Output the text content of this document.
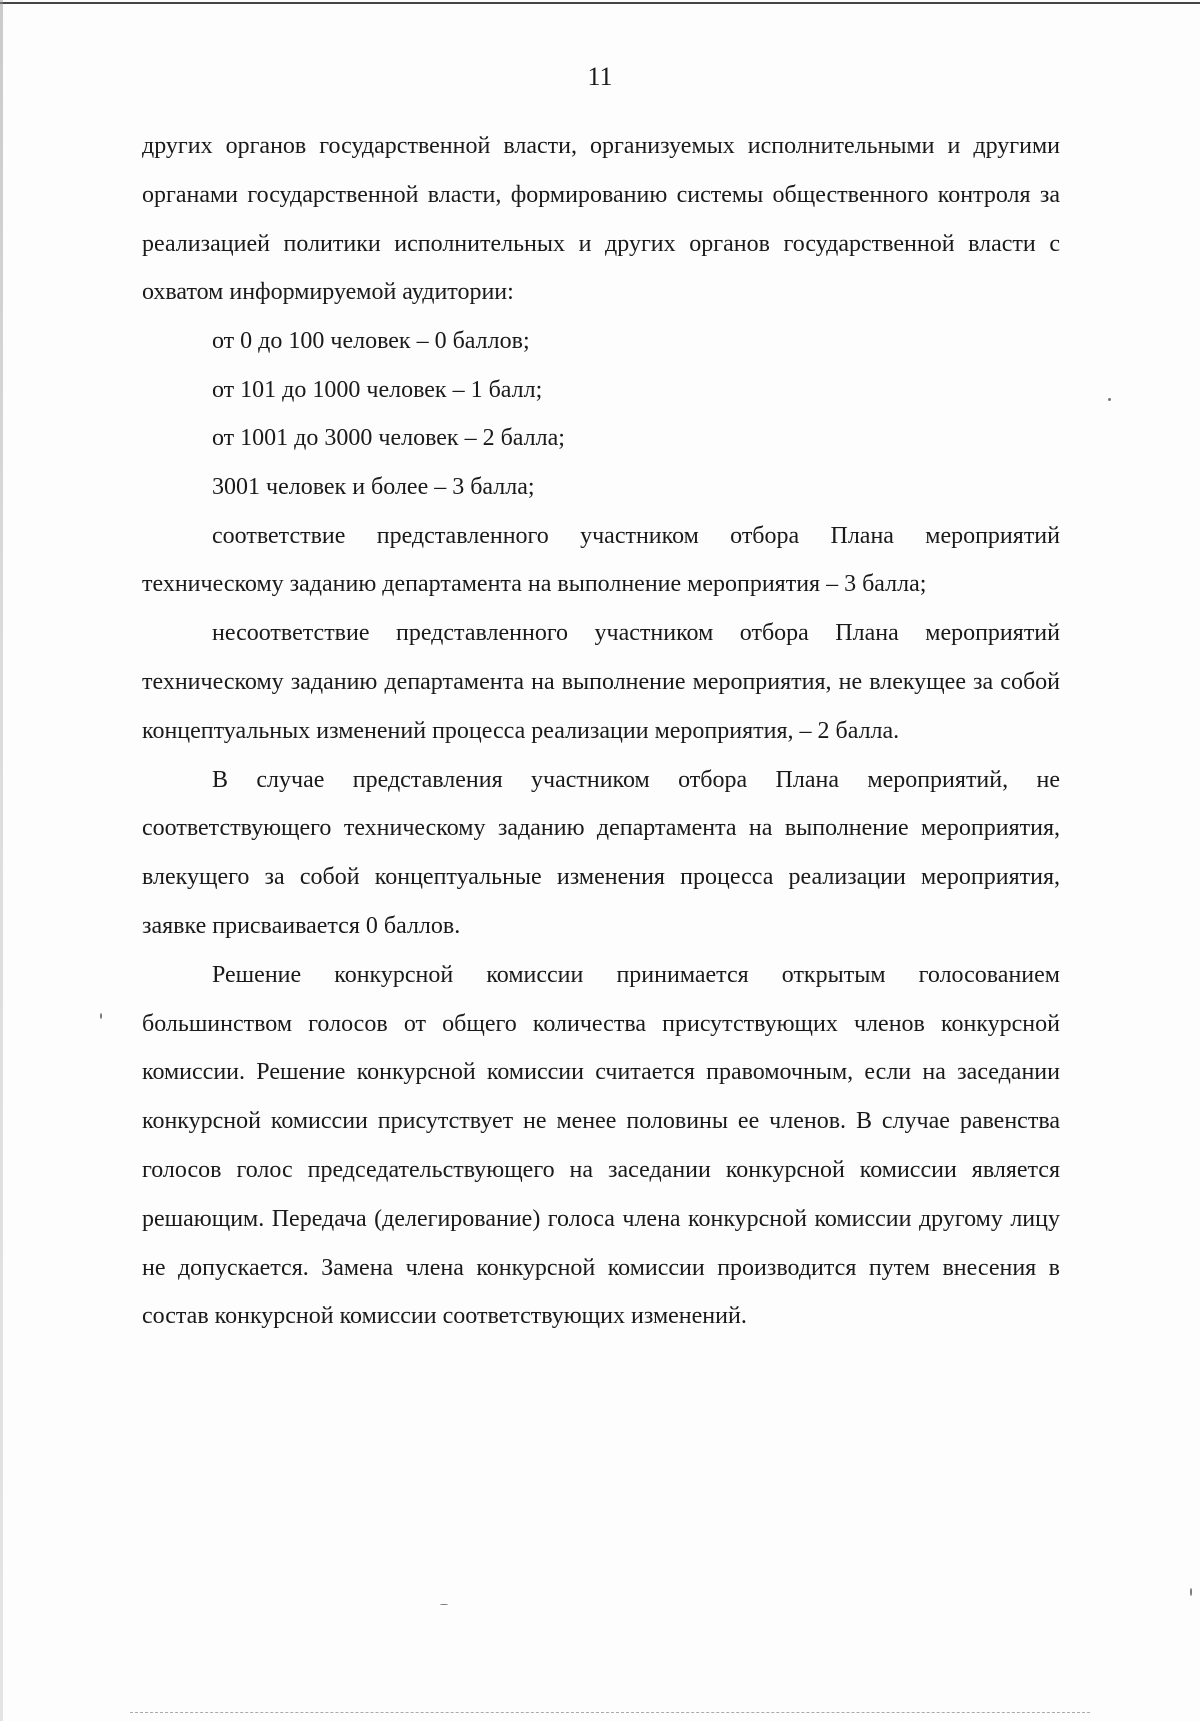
11

других органов государственной власти, организуемых исполнительными и другими органами государственной власти, формированию системы общественного контроля за реализацией политики исполнительных и других органов государственной власти с охватом информируемой аудитории:

от 0 до 100 человек – 0 баллов;

от 101 до 1000 человек – 1 балл;

от 1001 до 3000 человек – 2 балла;

3001 человек и более – 3 балла;

соответствие представленного участником отбора Плана мероприятий техническому заданию департамента на выполнение мероприятия – 3 балла;

несоответствие представленного участником отбора Плана мероприятий техническому заданию департамента на выполнение мероприятия, не влекущее за собой концептуальных изменений процесса реализации мероприятия, – 2 балла.

В случае представления участником отбора Плана мероприятий, не соответствующего техническому заданию департамента на выполнение мероприятия, влекущего за собой концептуальные изменения процесса реализации мероприятия, заявке присваивается 0 баллов.

Решение конкурсной комиссии принимается открытым голосованием большинством голосов от общего количества присутствующих членов конкурсной комиссии. Решение конкурсной комиссии считается правомочным, если на заседании конкурсной комиссии присутствует не менее половины ее членов. В случае равенства голосов голос председательствующего на заседании конкурсной комиссии является решающим. Передача (делегирование) голоса члена конкурсной комиссии другому лицу не допускается. Замена члена конкурсной комиссии производится путем внесения в состав конкурсной комиссии соответствующих изменений.
